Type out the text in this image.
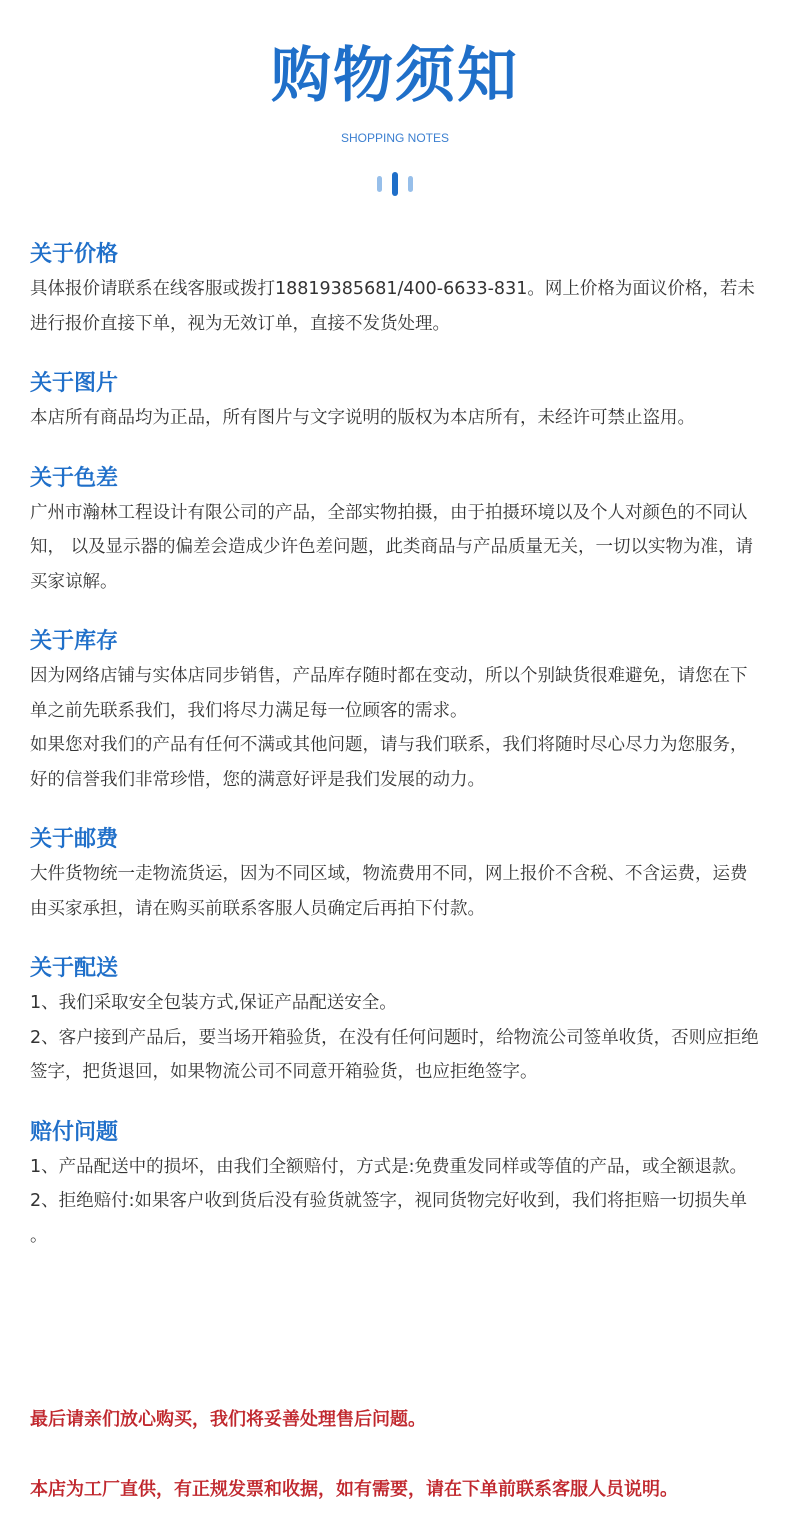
购物须知
SHOPPING NOTES
关于价格

具体报价请联系在线客服或拨打18819385681/400-6633-831。网上价格为面议价格，若未进行报价直接下单，视为无效订单，直接不发货处理。

关于图片

本店所有商品均为正品，所有图片与文字说明的版权为本店所有，未经许可禁止盗用。

关于色差

广州市瀚林工程设计有限公司的产品，全部实物拍摄，由于拍摄环境以及个人对颜色的不同认知， 以及显示器的偏差会造成少许色差问题，此类商品与产品质量无关，一切以实物为准，请买家谅解。

关于库存

因为网络店铺与实体店同步销售，产品库存随时都在变动，所以个别缺货很难避免，请您在下单之前先联系我们，我们将尽力满足每一位顾客的需求。

如果您对我们的产品有任何不满或其他问题，请与我们联系，我们将随时尽心尽力为您服务，好的信誉我们非常珍惜，您的满意好评是我们发展的动力。

关于邮费

大件货物统一走物流货运，因为不同区域，物流费用不同，网上报价不含税、不含运费，运费由买家承担，请在购买前联系客服人员确定后再拍下付款。

关于配送

1、我们采取安全包装方式,保证产品配送安全。

2、客户接到产品后，要当场开箱验货，在没有任何问题时，给物流公司签单收货，否则应拒绝签字，把货退回，如果物流公司不同意开箱验货，也应拒绝签字。

赔付问题

1、产品配送中的损坏，由我们全额赔付，方式是:免费重发同样或等值的产品，或全额退款。

2、拒绝赔付:如果客户收到货后没有验货就签字，视同货物完好收到，我们将拒赔一切损失单 。

最后请亲们放心购买，我们将妥善处理售后问题。

本店为工厂直供，有正规发票和收据，如有需要，请在下单前联系客服人员说明。
